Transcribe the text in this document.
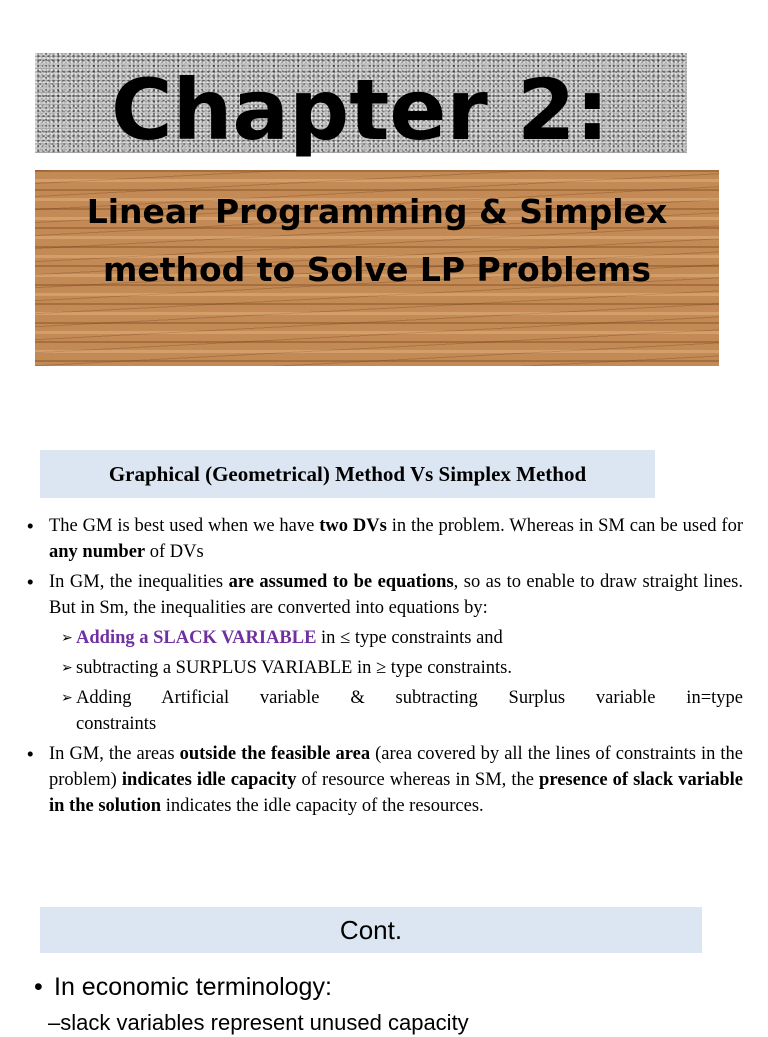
Chapter 2:
Linear Programming & Simplex
method to Solve LP Problems
Graphical (Geometrical) Method Vs Simplex Method
• The GM is best used when we have two DVs in the problem. Whereas in SM can be used for any number of DVs
• In GM, the inequalities are assumed to be equations, so as to enable to draw straight lines. But in Sm, the inequalities are converted into equations by:
➢ Adding a SLACK VARIABLE in ≤ type constraints and
➢ subtracting a SURPLUS VARIABLE in ≥ type constraints.
➢ Adding Artificial variable & subtracting Surplus variable in=type
constraints
• In GM, the areas outside the feasible area (area covered by all the lines of constraints in the problem) indicates idle capacity of resource whereas in SM, the presence of slack variable in the solution indicates the idle capacity of the resources.
Cont.
• In economic terminology:
–slack variables represent unused capacity
